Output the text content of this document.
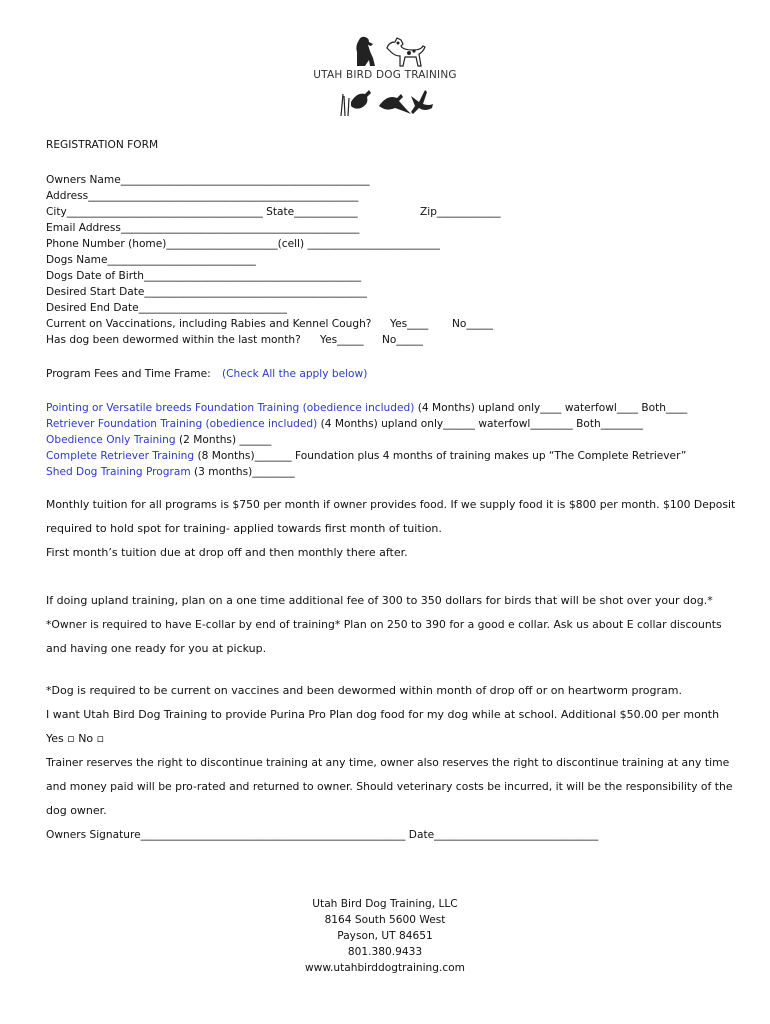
UTAH BIRD DOG TRAINING
REGISTRATION FORM
Owners Name_______________________________________________
Address___________________________________________________
City_____________________________________ State____________	Zip____________
Email Address_____________________________________________
Phone Number (home)_____________________(cell) _________________________
Dogs Name____________________________
Dogs Date of Birth_________________________________________
Desired Start Date__________________________________________
Desired End Date____________________________
Current on Vaccinations, including Rabies and Kennel Cough? Yes____ No_____
Has dog been dewormed within the last month? Yes_____ No_____
Program Fees and Time Frame: (Check All the apply below)
Pointing or Versatile breeds Foundation Training (obedience included) (4 Months) upland only____ waterfowl____ Both____
Retriever Foundation Training (obedience included) (4 Months) upland only______ waterfowl________ Both________
Obedience Only Training (2 Months) ______
Complete Retriever Training (8 Months)_______ Foundation plus 4 months of training makes up “The Complete Retriever”
Shed Dog Training Program (3 months)________
Monthly tuition for all programs is $750 per month if owner provides food. If we supply food it is $800 per month. $100 Deposit
required to hold spot for training- applied towards first month of tuition.
First month’s tuition due at drop off and then monthly there after.
If doing upland training, plan on a one time additional fee of 300 to 350 dollars for birds that will be shot over your dog.*
*Owner is required to have E-collar by end of training* Plan on 250 to 390 for a good e collar. Ask us about E collar discounts
and having one ready for you at pickup.
*Dog is required to be current on vaccines and been dewormed within month of drop off or on heartworm program.
I want Utah Bird Dog Training to provide Purina Pro Plan dog food for my dog while at school. Additional $50.00 per month
Yes ▫ No ▫
Trainer reserves the right to discontinue training at any time, owner also reserves the right to discontinue training at any time
and money paid will be pro-rated and returned to owner. Should veterinary costs be incurred, it will be the responsibility of the
dog owner.
Owners Signature__________________________________________________ Date_______________________________
Utah Bird Dog Training, LLC
8164 South 5600 West
Payson, UT 84651
801.380.9433
www.utahbirddogtraining.com
